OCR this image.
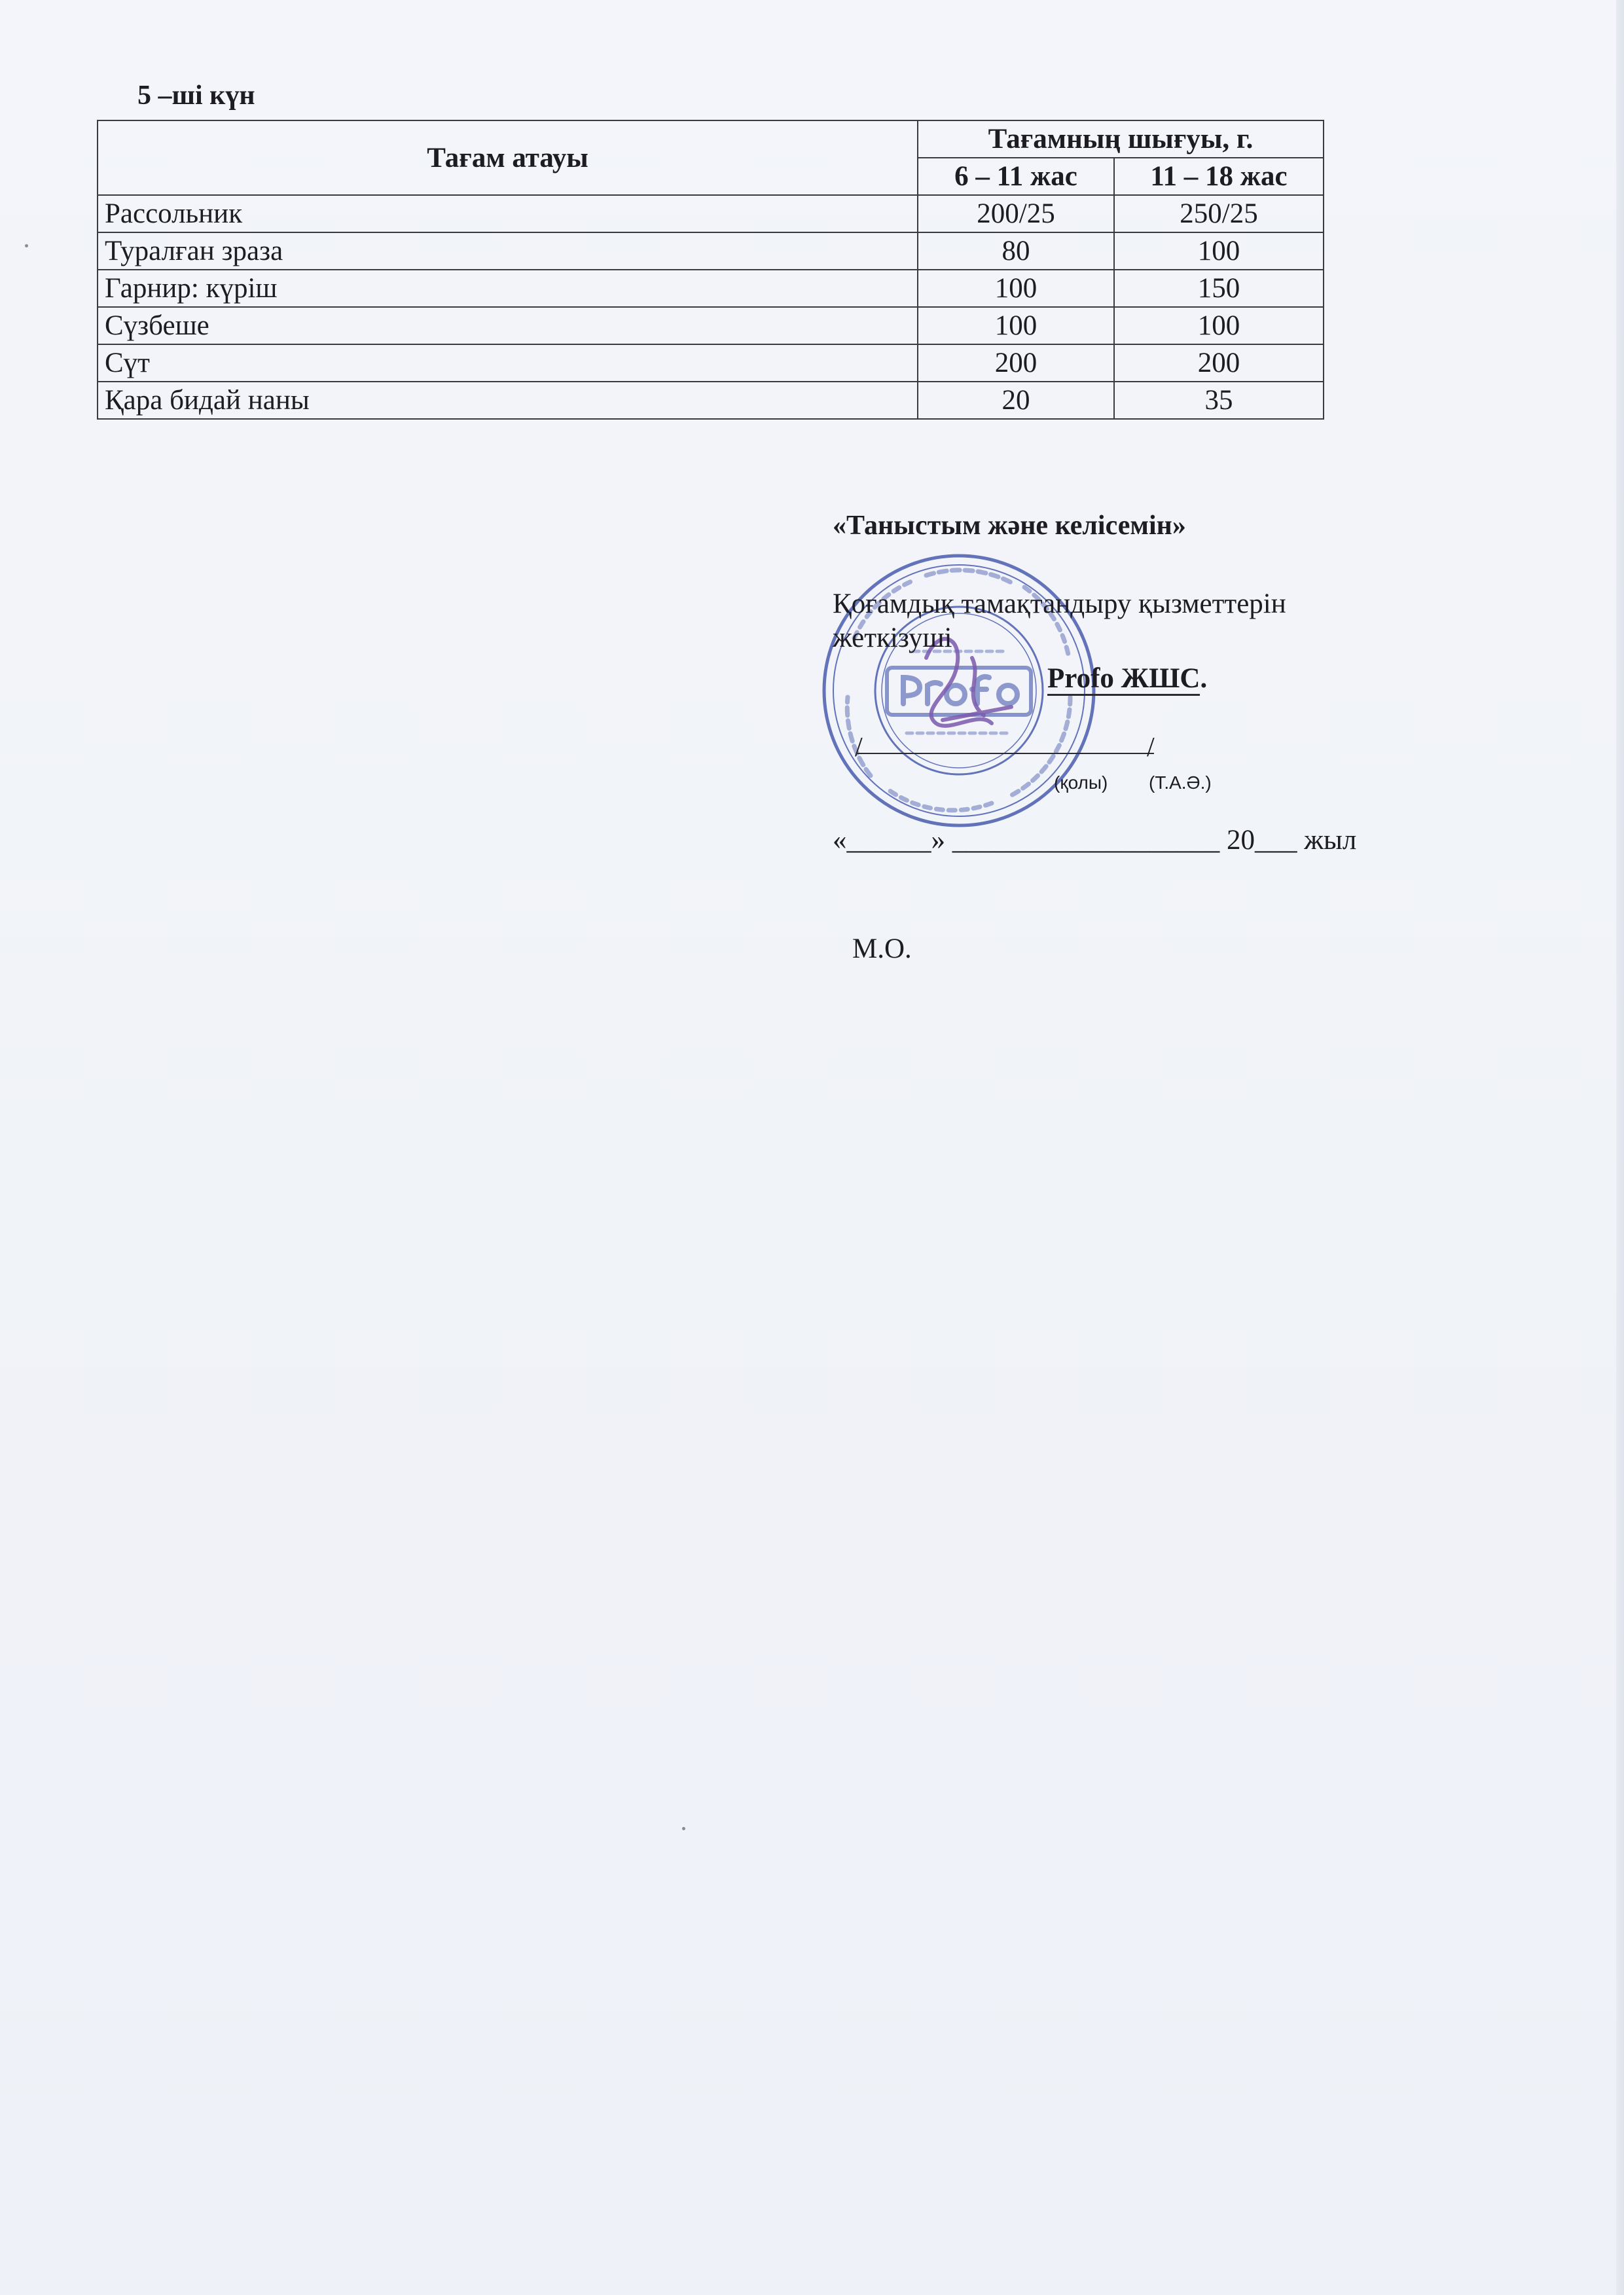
5 –ші күн
Тағам атауы	Тағамның шығуы, г.	
	6 – 11 жас	11 – 18 жас
Рассольник	200/25	250/25
Туралған зраза	80	100
Гарнир: күріш	100	150
Сүзбеше	100	100
Сүт	200	200
Қара бидай наны	20	35
«Таныстым және келісемін»
Қоғамдық тамақтандыру қызметтерін жеткізуші
Profo ЖШС.
/	/
(қолы) (Т.А.Ә.)
«______» ___________________ 20___ жыл
М.О.
